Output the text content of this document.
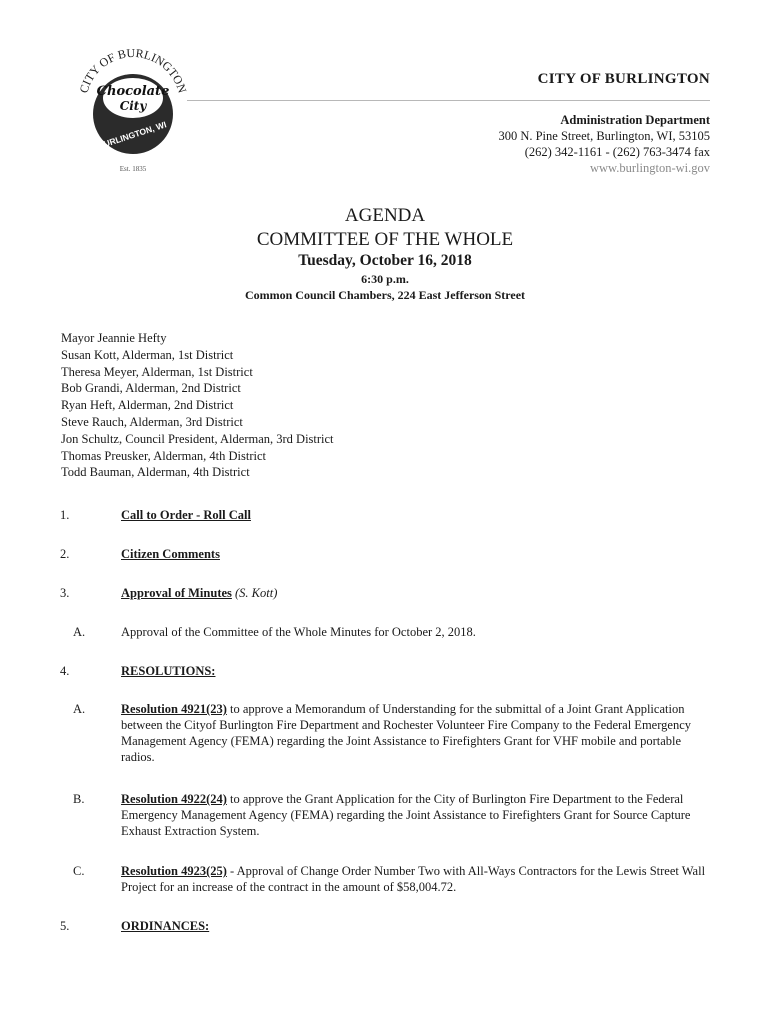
CITY OF BURLINGTON
Chocolate
City
BURLINGTON, WI
Est. 1835
CITY OF BURLINGTON
Administration Department
300 N. Pine Street, Burlington, WI, 53105
(262) 342-1161 - (262) 763-3474 fax
www.burlington-wi.gov
AGENDA
COMMITTEE OF THE WHOLE
Tuesday, October 16, 2018
6:30 p.m.
Common Council Chambers, 224 East Jefferson Street
Mayor Jeannie Hefty
Susan Kott, Alderman, 1st District
Theresa Meyer, Alderman, 1st District
Bob Grandi, Alderman, 2nd District
Ryan Heft, Alderman, 2nd District
Steve Rauch, Alderman, 3rd District
Jon Schultz, Council President, Alderman, 3rd District
Thomas Preusker, Alderman, 4th District
Todd Bauman, Alderman, 4th District
1.	Call to Order - Roll Call
2.	Citizen Comments
3.	Approval of Minutes (S. Kott)
A.	Approval of the Committee of the Whole Minutes for October 2, 2018.
4.	RESOLUTIONS:
A.	Resolution 4921(23) to approve a Memorandum of Understanding for the submittal of a Joint Grant Application between the Cityof Burlington Fire Department and Rochester Volunteer Fire Company to the Federal Emergency Management Agency (FEMA) regarding the Joint Assistance to Firefighters Grant for VHF mobile and portable radios.
B.	Resolution 4922(24) to approve the Grant Application for the City of Burlington Fire Department to the Federal Emergency Management Agency (FEMA) regarding the Joint Assistance to Firefighters Grant for Source Capture Exhaust Extraction System.
C.	Resolution 4923(25) - Approval of Change Order Number Two with All-Ways Contractors for the Lewis Street Wall Project for an increase of the contract in the amount of $58,004.72.
5.	ORDINANCES:
